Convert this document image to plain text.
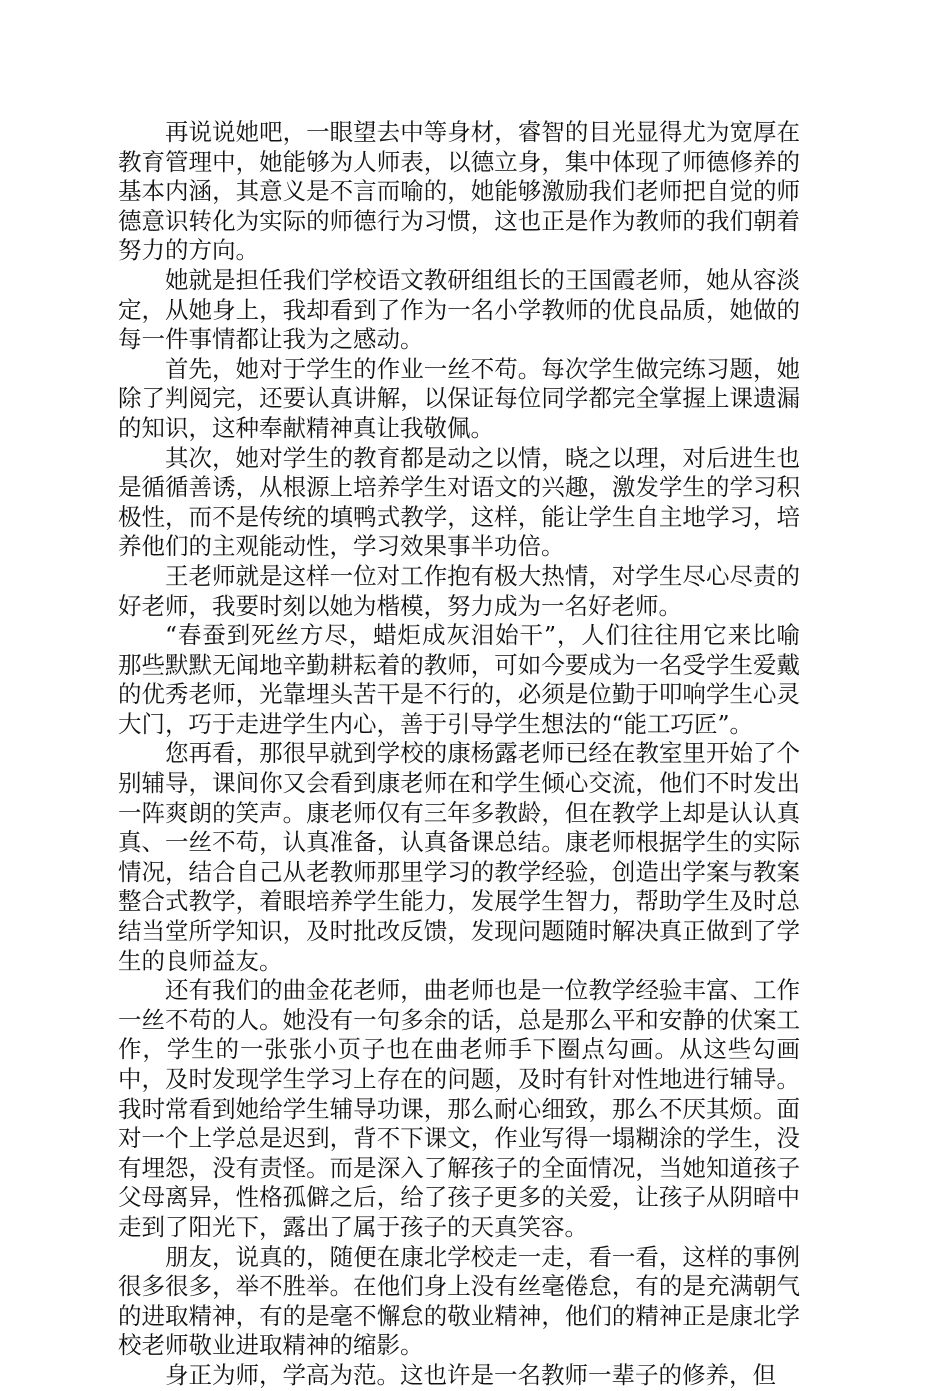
再说说她吧，一眼望去中等身材，睿智的目光显得尤为宽厚在教育管理中，她能够为人师表，以德立身，集中体现了师德修养的基本内涵，其意义是不言而喻的，她能够激励我们老师把自觉的师德意识转化为实际的师德行为习惯，这也正是作为教师的我们朝着努力的方向。

她就是担任我们学校语文教研组组长的王国霞老师，她从容淡定，从她身上，我却看到了作为一名小学教师的优良品质，她做的每一件事情都让我为之感动。

首先，她对于学生的作业一丝不苟。每次学生做完练习题，她除了判阅完，还要认真讲解，以保证每位同学都完全掌握上课遗漏的知识，这种奉献精神真让我敬佩。

其次，她对学生的教育都是动之以情，晓之以理，对后进生也是循循善诱，从根源上培养学生对语文的兴趣，激发学生的学习积极性，而不是传统的填鸭式教学，这样，能让学生自主地学习，培养他们的主观能动性，学习效果事半功倍。

王老师就是这样一位对工作抱有极大热情，对学生尽心尽责的好老师，我要时刻以她为楷模，努力成为一名好老师。

“春蚕到死丝方尽，蜡炬成灰泪始干”，人们往往用它来比喻那些默默无闻地辛勤耕耘着的教师，可如今要成为一名受学生爱戴的优秀老师，光靠埋头苦干是不行的，必须是位勤于叩响学生心灵大门，巧于走进学生内心，善于引导学生想法的“能工巧匠”。

您再看，那很早就到学校的康杨露老师已经在教室里开始了个别辅导，课间你又会看到康老师在和学生倾心交流，他们不时发出一阵爽朗的笑声。康老师仅有三年多教龄，但在教学上却是认认真真、一丝不苟，认真准备，认真备课总结。康老师根据学生的实际情况，结合自己从老教师那里学习的教学经验，创造出学案与教案整合式教学，着眼培养学生能力，发展学生智力，帮助学生及时总结当堂所学知识，及时批改反馈，发现问题随时解决真正做到了学生的良师益友。

还有我们的曲金花老师，曲老师也是一位教学经验丰富、工作一丝不苟的人。她没有一句多余的话，总是那么平和安静的伏案工作，学生的一张张小页子也在曲老师手下圈点勾画。从这些勾画中，及时发现学生学习上存在的问题，及时有针对性地进行辅导。我时常看到她给学生辅导功课，那么耐心细致，那么不厌其烦。面对一个上学总是迟到，背不下课文，作业写得一塌糊涂的学生，没有埋怨，没有责怪。而是深入了解孩子的全面情况，当她知道孩子父母离异，性格孤僻之后，给了孩子更多的关爱，让孩子从阴暗中走到了阳光下，露出了属于孩子的天真笑容。

朋友，说真的，随便在康北学校走一走，看一看，这样的事例很多很多，举不胜举。在他们身上没有丝毫倦怠，有的是充满朝气的进取精神，有的是毫不懈怠的敬业精神，他们的精神正是康北学校老师敬业进取精神的缩影。

身正为师，学高为范。这也许是一名教师一辈子的修养，但
